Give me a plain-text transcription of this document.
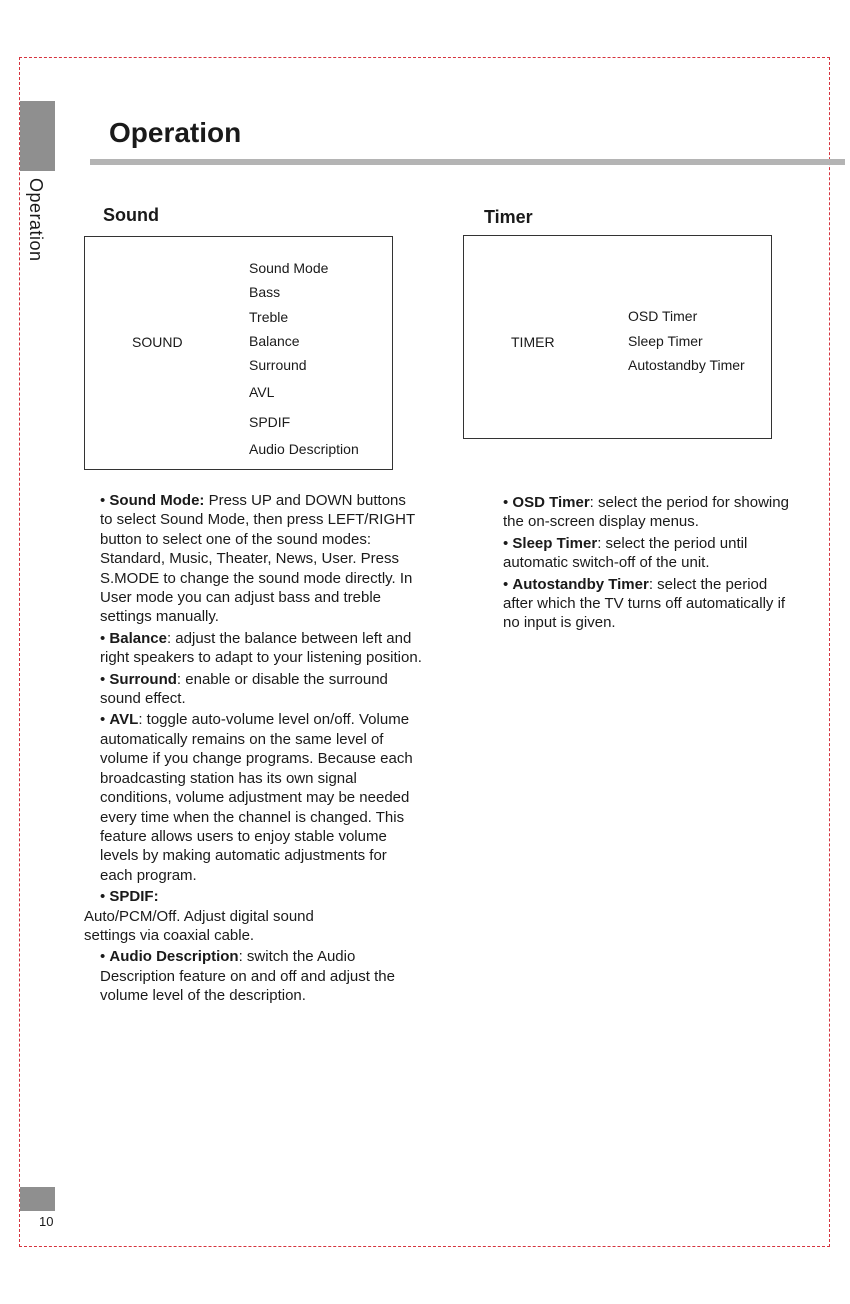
Operation
Operation
Sound
SOUND
Sound Mode
Bass
Treble
Balance
Surround
AVL
SPDIF
Audio Description

• Sound Mode: Press UP and DOWN buttons to select Sound Mode, then press LEFT/RIGHT button to select one of the sound modes: Standard, Music, Theater, News, User. Press S.MODE to change the sound mode directly. In User mode you can adjust bass and treble settings manually.

• Balance: adjust the balance between left and right speakers to adapt to your listening position.

• Surround: enable or disable the surround sound effect.

• AVL: toggle auto-volume level on/off. Volume automatically remains on the same level of volume if you change programs. Because each broadcasting station has its own signal conditions, volume adjustment may be needed every time when the channel is changed. This feature allows users to enjoy stable volume levels by making automatic adjustments for each program.

• SPDIF:

Auto/PCM/Off. Adjust digital sound settings via coaxial cable.

• Audio Description: switch the Audio Description feature on and off and adjust the volume level of the description.

Timer
TIMER
OSD Timer
Sleep Timer
Autostandby Timer

• OSD Timer: select the period for showing the on-screen display menus.

• Sleep Timer: select the period until automatic switch-off of the unit.

• Autostandby Timer: select the period after which the TV turns off automatically if no input is given.

10
